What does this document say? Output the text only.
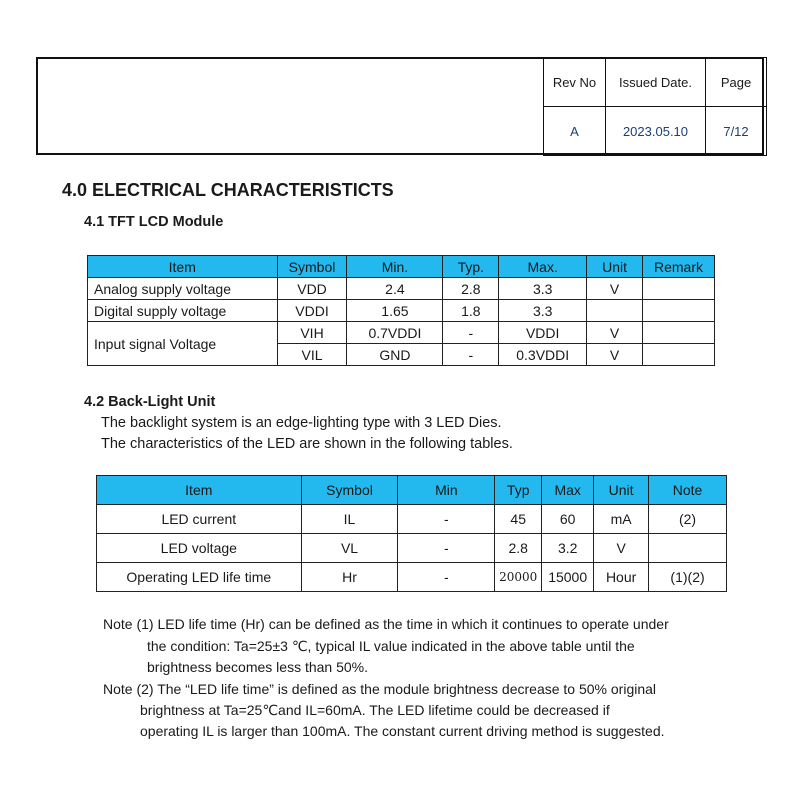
Rev No	Issued Date.	Page
A	2023.05.10	7/12
4.0 ELECTRICAL CHARACTERISTICTS
4.1 TFT LCD Module
Item	Symbol	Min.	Typ.	Max.	Unit	Remark
Analog supply voltage	VDD	2.4	2.8	3.3	V	
Digital supply voltage	VDDI	1.65	1.8	3.3		
Input signal Voltage	VIH	0.7VDDI	-	VDDI	V	
	VIL	GND	-	0.3VDDI	V	
4.2 Back-Light Unit

The backlight system is an edge-lighting type with 3 LED Dies.

The characteristics of the LED are shown in the following tables.

Item	Symbol	Min	Typ	Max	Unit	Note
LED current	IL	-	45	60	mA	(2)
LED voltage	VL	-	2.8	3.2	V	
Operating LED life time	Hr	-	20000	15000	Hour	(1)(2)

Note (1) LED life time (Hr) can be defined as the time in which it continues to operate under

the condition: Ta=25±3 ℃, typical IL value indicated in the above table until the

brightness becomes less than 50%.

Note (2) The “LED life time” is defined as the module brightness decrease to 50% original

brightness at Ta=25℃and IL=60mA. The LED lifetime could be decreased if

operating IL is larger than 100mA. The constant current driving method is suggested.
